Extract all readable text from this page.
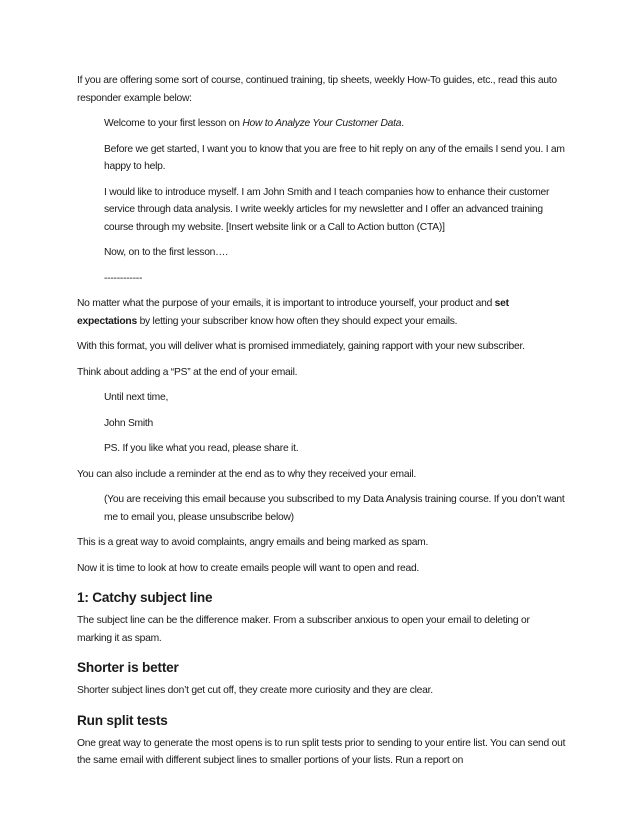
If you are offering some sort of course, continued training, tip sheets, weekly How-To guides, etc., read this auto responder example below:

Welcome to your first lesson on How to Analyze Your Customer Data.

Before we get started, I want you to know that you are free to hit reply on any of the emails I send you. I am happy to help.

I would like to introduce myself. I am John Smith and I teach companies how to enhance their customer service through data analysis. I write weekly articles for my newsletter and I offer an advanced training course through my website. [Insert website link or a Call to Action button (CTA)]

Now, on to the first lesson….

------------

No matter what the purpose of your emails, it is important to introduce yourself, your product and set expectations by letting your subscriber know how often they should expect your emails.

With this format, you will deliver what is promised immediately, gaining rapport with your new subscriber.

Think about adding a “PS” at the end of your email.

Until next time,

John Smith

PS. If you like what you read, please share it.

You can also include a reminder at the end as to why they received your email.

(You are receiving this email because you subscribed to my Data Analysis training course. If you don’t want me to email you, please unsubscribe below)

This is a great way to avoid complaints, angry emails and being marked as spam.

Now it is time to look at how to create emails people will want to open and read.

1: Catchy subject line

The subject line can be the difference maker. From a subscriber anxious to open your email to deleting or marking it as spam.

Shorter is better

Shorter subject lines don’t get cut off, they create more curiosity and they are clear.

Run split tests

One great way to generate the most opens is to run split tests prior to sending to your entire list. You can send out the same email with different subject lines to smaller portions of your lists. Run a report on
